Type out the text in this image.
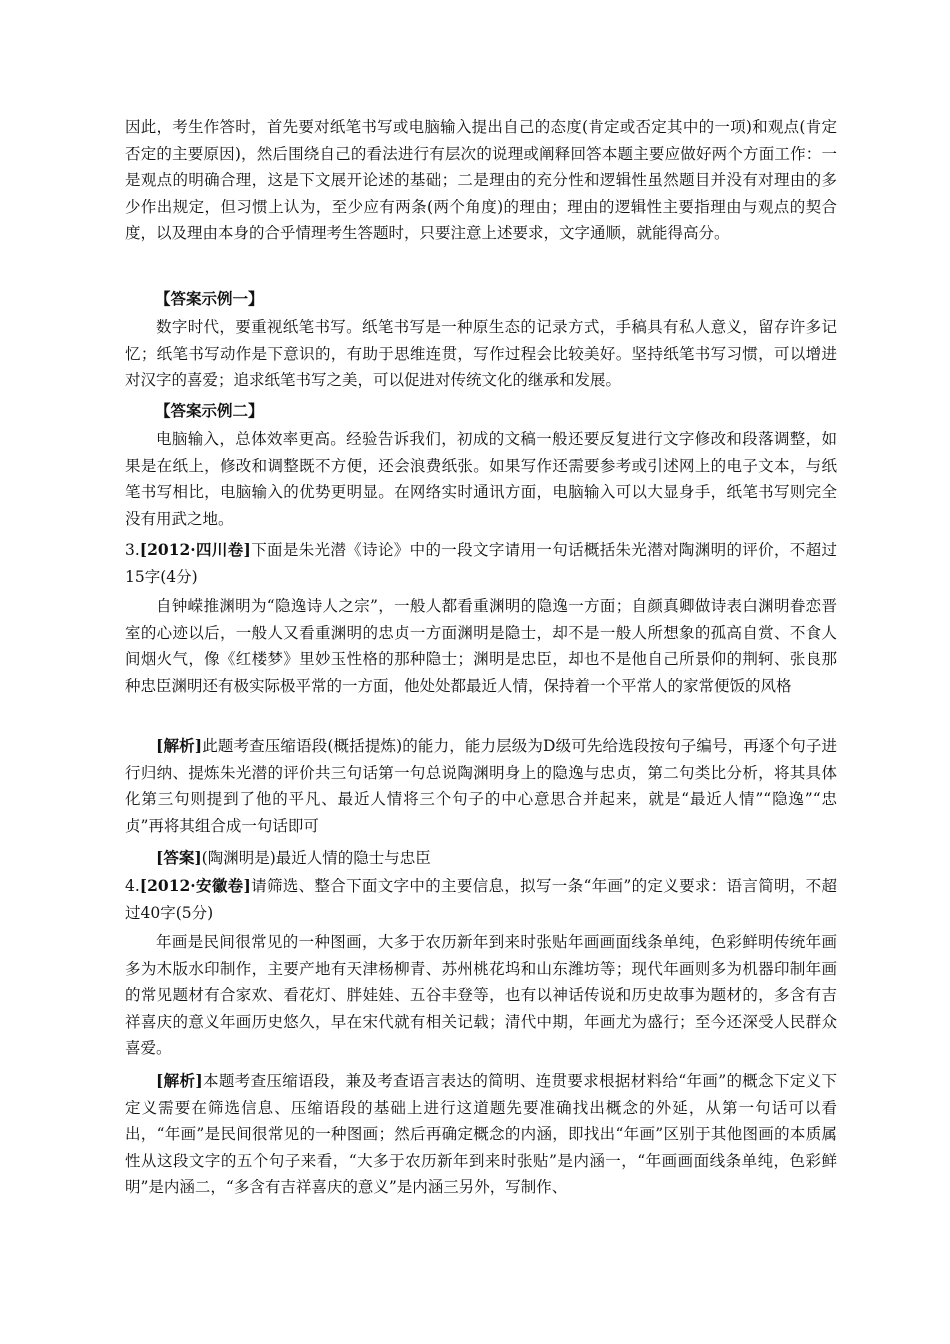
因此，考生作答时，首先要对纸笔书写或电脑输入提出自己的态度(肯定或否定其中的一项)和观点(肯定否定的主要原因)，然后围绕自己的看法进行有层次的说理或阐释回答本题主要应做好两个方面工作：一是观点的明确合理，这是下文展开论述的基础；二是理由的充分性和逻辑性虽然题目并没有对理由的多少作出规定，但习惯上认为，至少应有两条(两个角度)的理由；理由的逻辑性主要指理由与观点的契合度，以及理由本身的合乎情理考生答题时，只要注意上述要求，文字通顺，就能得高分。

【答案示例一】

数字时代，要重视纸笔书写。纸笔书写是一种原生态的记录方式，手稿具有私人意义，留存许多记忆；纸笔书写动作是下意识的，有助于思维连贯，写作过程会比较美好。坚持纸笔书写习惯，可以增进对汉字的喜爱；追求纸笔书写之美，可以促进对传统文化的继承和发展。

【答案示例二】

电脑输入，总体效率更高。经验告诉我们，初成的文稿一般还要反复进行文字修改和段落调整，如果是在纸上，修改和调整既不方便，还会浪费纸张。如果写作还需要参考或引述网上的电子文本，与纸笔书写相比，电脑输入的优势更明显。在网络实时通讯方面，电脑输入可以大显身手，纸笔书写则完全没有用武之地。

3.[2012·四川卷]下面是朱光潜《诗论》中的一段文字请用一句话概括朱光潜对陶渊明的评价，不超过15字(4分)

自钟嵘推渊明为“隐逸诗人之宗”，一般人都看重渊明的隐逸一方面；自颜真卿做诗表白渊明眷恋晋室的心迹以后，一般人又看重渊明的忠贞一方面渊明是隐士，却不是一般人所想象的孤高自赏、不食人间烟火气，像《红楼梦》里妙玉性格的那种隐士；渊明是忠臣，却也不是他自己所景仰的荆轲、张良那种忠臣渊明还有极实际极平常的一方面，他处处都最近人情，保持着一个平常人的家常便饭的风格

[解析]此题考查压缩语段(概括提炼)的能力，能力层级为D级可先给选段按句子编号，再逐个句子进行归纳、提炼朱光潜的评价共三句话第一句总说陶渊明身上的隐逸与忠贞，第二句类比分析，将其具体化第三句则提到了他的平凡、最近人情将三个句子的中心意思合并起来，就是“最近人情”“隐逸”“忠贞”再将其组合成一句话即可

[答案](陶渊明是)最近人情的隐士与忠臣

4.[2012·安徽卷]请筛选、整合下面文字中的主要信息，拟写一条“年画”的定义要求：语言简明，不超过40字(5分)

年画是民间很常见的一种图画，大多于农历新年到来时张贴年画画面线条单纯，色彩鲜明传统年画多为木版水印制作，主要产地有天津杨柳青、苏州桃花坞和山东潍坊等；现代年画则多为机器印制年画的常见题材有合家欢、看花灯、胖娃娃、五谷丰登等，也有以神话传说和历史故事为题材的，多含有吉祥喜庆的意义年画历史悠久，早在宋代就有相关记载；清代中期，年画尤为盛行；至今还深受人民群众喜爱。

[解析]本题考查压缩语段，兼及考查语言表达的简明、连贯要求根据材料给“年画”的概念下定义下定义需要在筛选信息、压缩语段的基础上进行这道题先要准确找出概念的外延，从第一句话可以看出，“年画”是民间很常见的一种图画；然后再确定概念的内涵，即找出“年画”区别于其他图画的本质属性从这段文字的五个句子来看，“大多于农历新年到来时张贴”是内涵一，“年画画面线条单纯，色彩鲜明”是内涵二，“多含有吉祥喜庆的意义”是内涵三另外，写制作、
